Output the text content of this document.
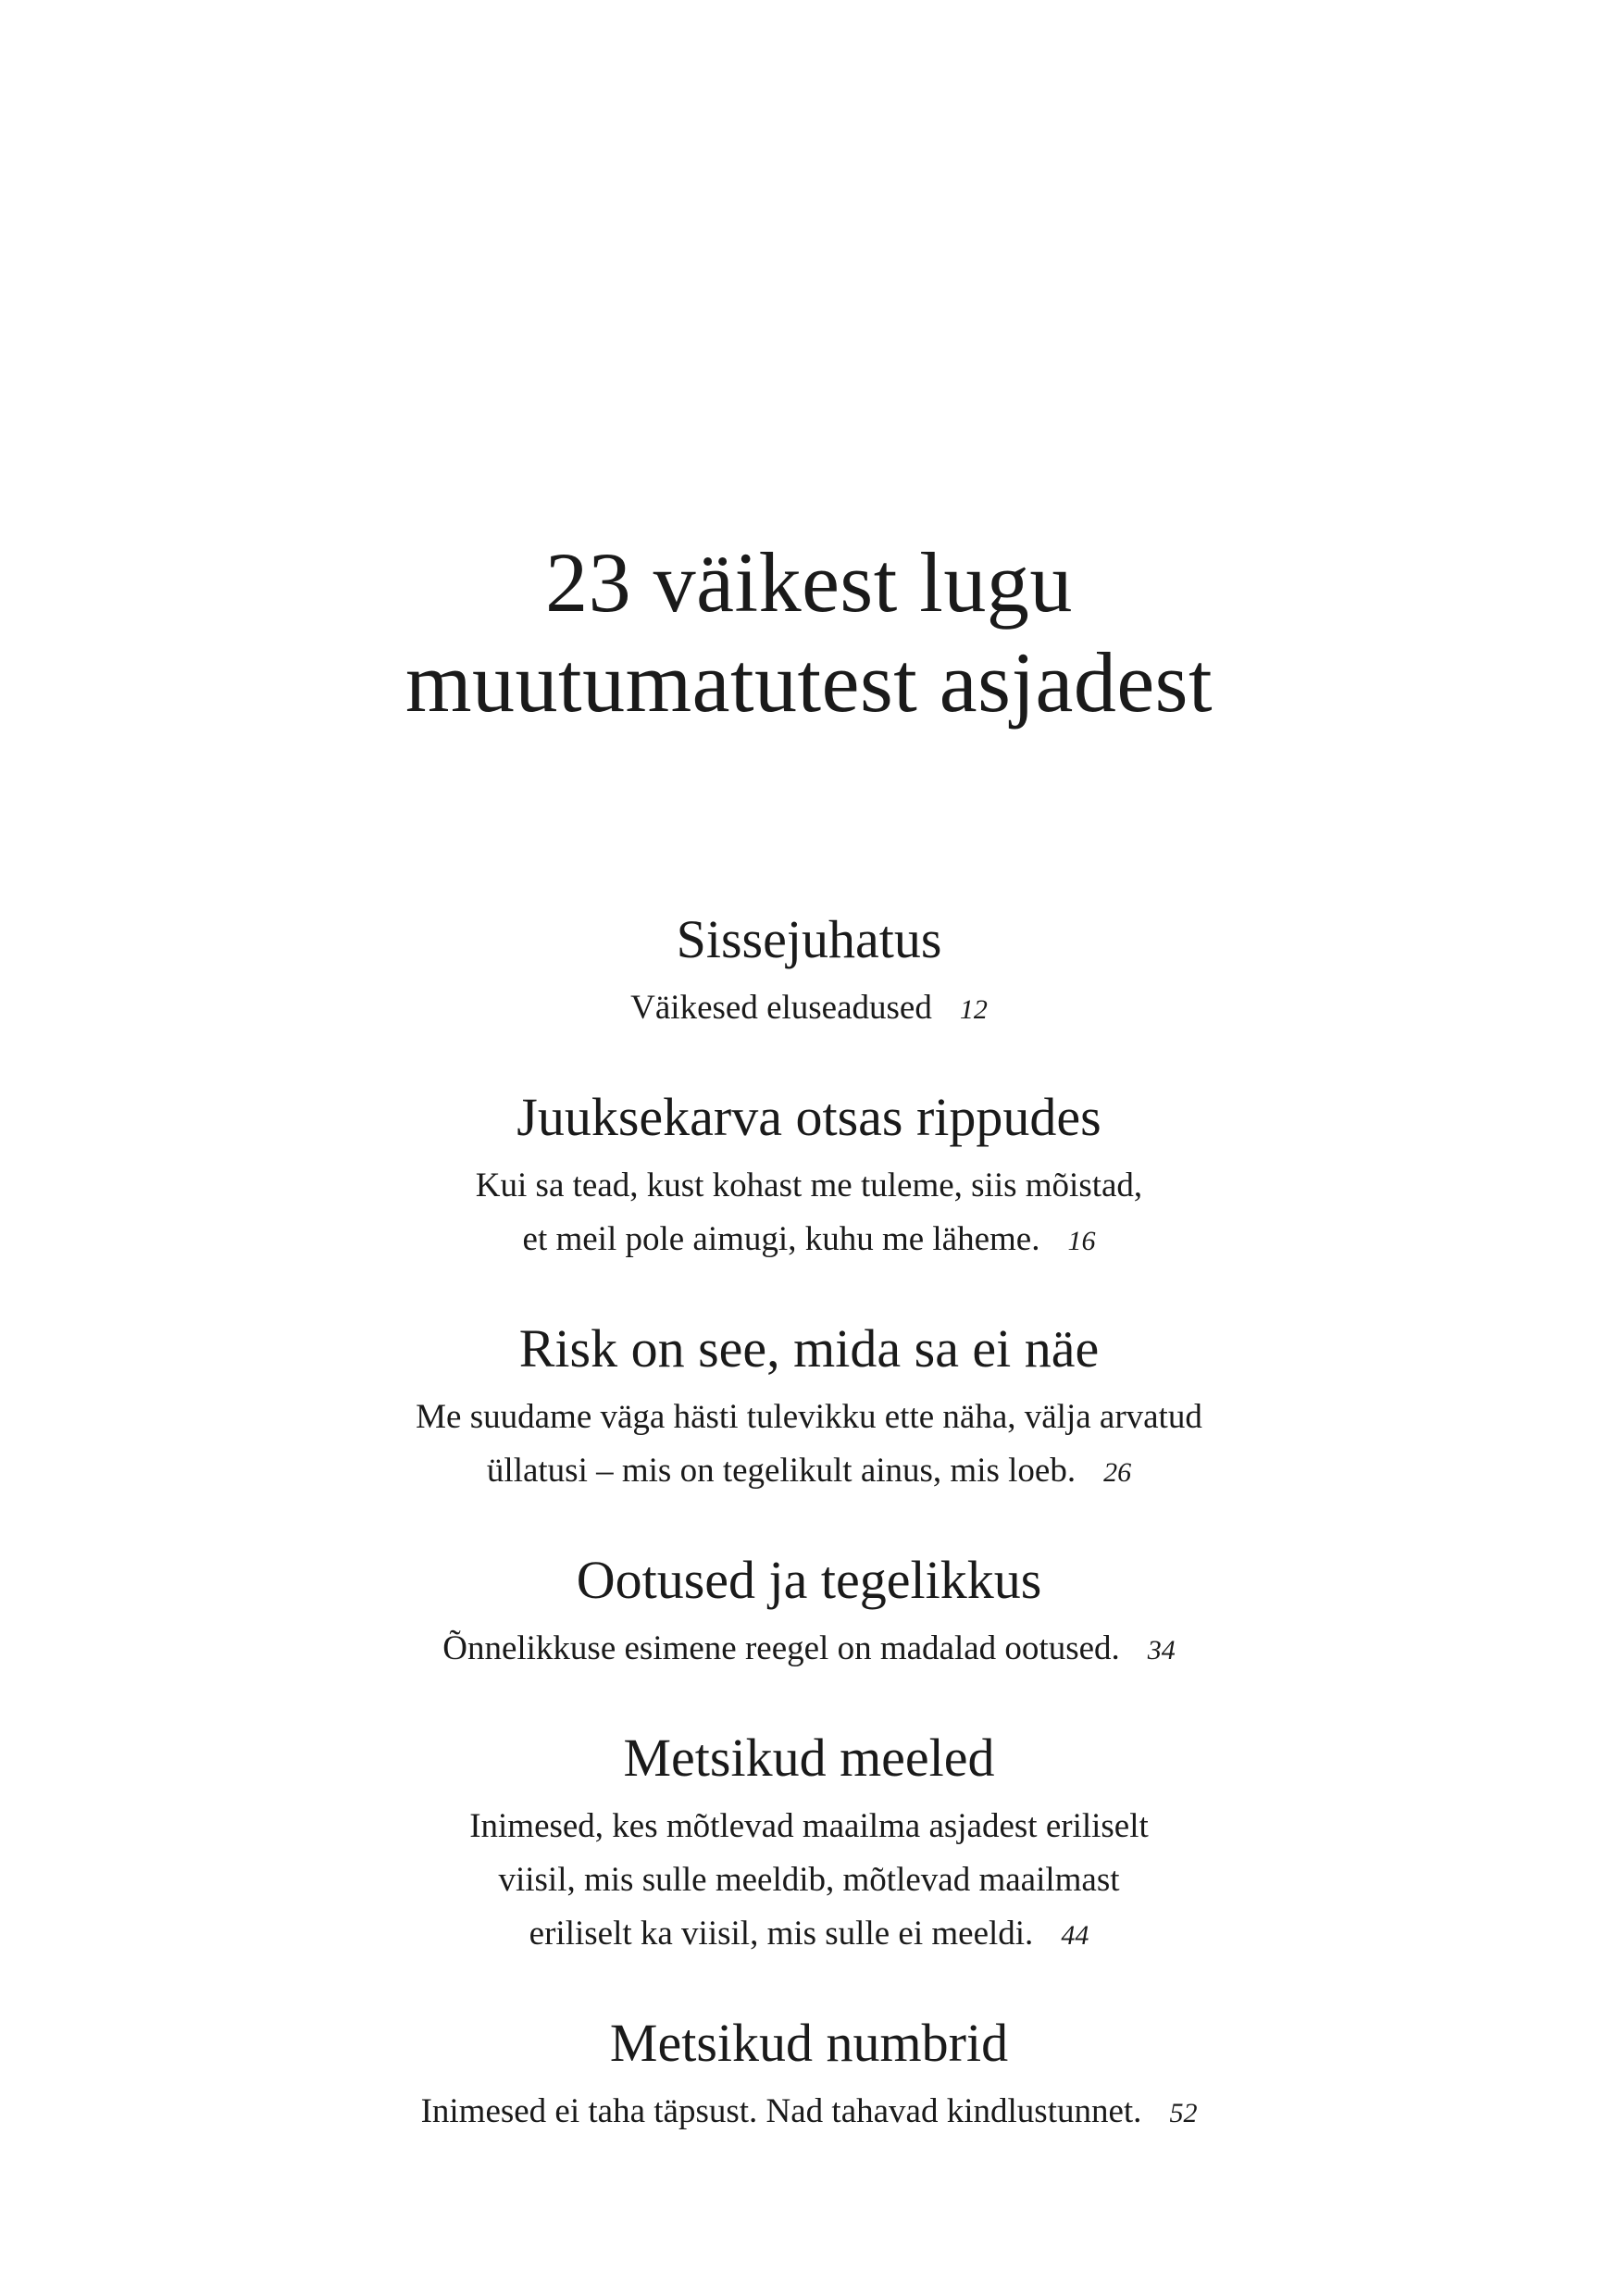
23 väikest lugu
muutumatutest asjadest
Sissejuhatus

Väikesed eluseadused 12

Juuksekarva otsas rippudes

Kui sa tead, kust kohast me tuleme, siis mõistad,
et meil pole aimugi, kuhu me läheme. 16

Risk on see, mida sa ei näe

Me suudame väga hästi tulevikku ette näha, välja arvatud
üllatusi – mis on tegelikult ainus, mis loeb. 26

Ootused ja tegelikkus

Õnnelikkuse esimene reegel on madalad ootused. 34

Metsikud meeled

Inimesed, kes mõtlevad maailma asjadest eriliselt
viisil, mis sulle meeldib, mõtlevad maailmast
eriliselt ka viisil, mis sulle ei meeldi. 44

Metsikud numbrid

Inimesed ei taha täpsust. Nad tahavad kindlustunnet. 52
